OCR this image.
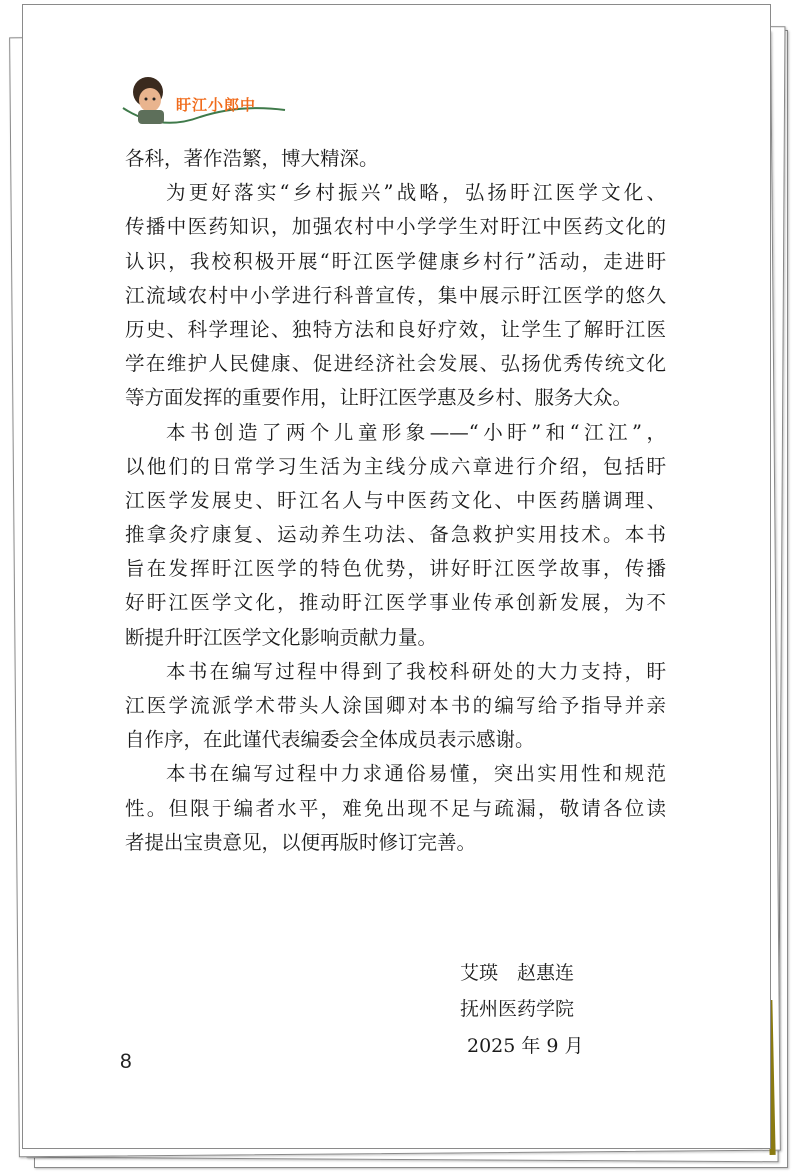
盱江小郎中
各科，著作浩繁，博大精深。
为更好落实“乡村振兴”战略，弘扬盱江医学文化、
传播中医药知识，加强农村中小学学生对盱江中医药文化的
认识，我校积极开展“盱江医学健康乡村行”活动，走进盱
江流域农村中小学进行科普宣传，集中展示盱江医学的悠久
历史、科学理论、独特方法和良好疗效，让学生了解盱江医
学在维护人民健康、促进经济社会发展、弘扬优秀传统文化
等方面发挥的重要作用，让盱江医学惠及乡村、服务大众。
本书创造了两个儿童形象——“小盱”和“江江”，
以他们的日常学习生活为主线分成六章进行介绍，包括盱
江医学发展史、盱江名人与中医药文化、中医药膳调理、
推拿灸疗康复、运动养生功法、备急救护实用技术。本书
旨在发挥盱江医学的特色优势，讲好盱江医学故事，传播
好盱江医学文化，推动盱江医学事业传承创新发展，为不
断提升盱江医学文化影响贡献力量。
本书在编写过程中得到了我校科研处的大力支持，盱
江医学流派学术带头人涂国卿对本书的编写给予指导并亲
自作序，在此谨代表编委会全体成员表示感谢。
本书在编写过程中力求通俗易懂，突出实用性和规范
性。但限于编者水平，难免出现不足与疏漏，敬请各位读
者提出宝贵意见，以便再版时修订完善。
艾瑛　赵惠连
抚州医药学院
2025 年 9 月
8
